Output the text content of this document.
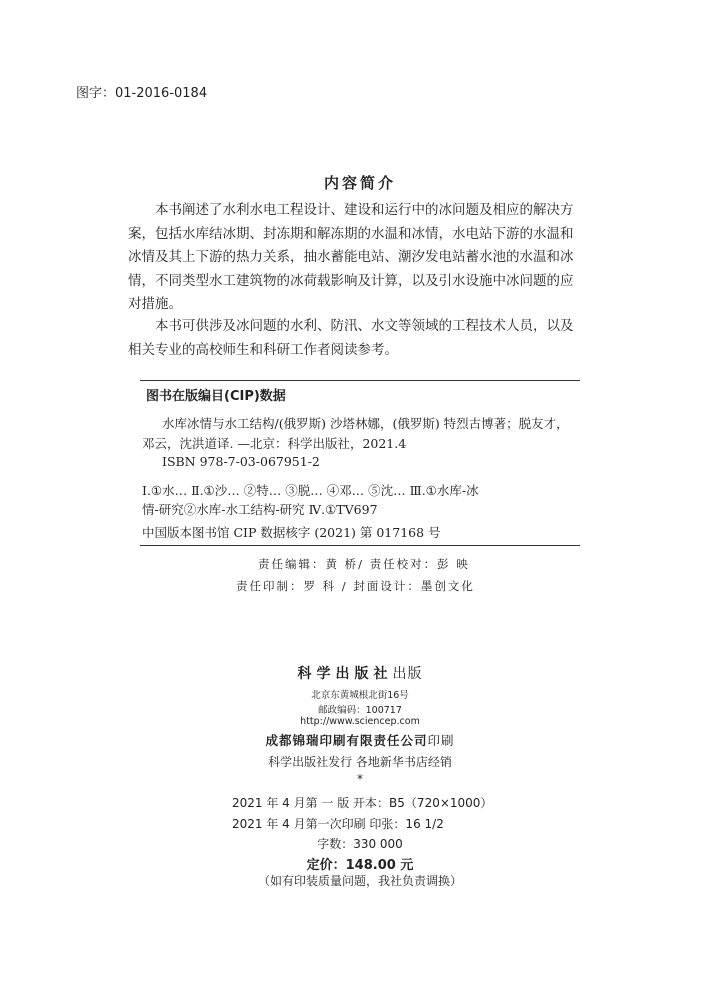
图字：01-2016-0184
内容简介
本书阐述了水利水电工程设计、建设和运行中的冰问题及相应的解决方
案，包括水库结冰期、封冻期和解冻期的水温和冰情，水电站下游的水温和
冰情及其上下游的热力关系，抽水蓄能电站、潮汐发电站蓄水池的水温和冰
情，不同类型水工建筑物的冰荷载影响及计算，以及引水设施中冰问题的应
对措施。
本书可供涉及冰问题的水利、防汛、水文等领域的工程技术人员，以及
相关专业的高校师生和科研工作者阅读参考。
图书在版编目(CIP)数据
水库冰情与水工结构/(俄罗斯) 沙塔林娜，(俄罗斯) 特烈古博著；脱友才，
邓云，沈洪道译. —北京：科学出版社，2021.4
ISBN 978-7-03-067951-2
Ⅰ.①水… Ⅱ.①沙… ②特… ③脱… ④邓… ⑤沈… Ⅲ.①水库-冰
情-研究②水库-水工结构-研究 Ⅳ.①TV697
中国版本图书馆 CIP 数据核字 (2021) 第 017168 号
责任编辑：黄 桥/ 责任校对：彭 映
责任印制：罗 科 / 封面设计：墨创文化
科学出版社出版
北京东黄城根北街16号
邮政编码：100717
http://www.sciencep.com
成都锦瑞印刷有限责任公司印刷
科学出版社发行 各地新华书店经销
*
2021 年 4 月第 一 版 开本：B5（720×1000）
2021 年 4 月第一次印刷 印张：16 1/2
字数：330 000
定价：148.00 元
（如有印装质量问题，我社负责调换）
